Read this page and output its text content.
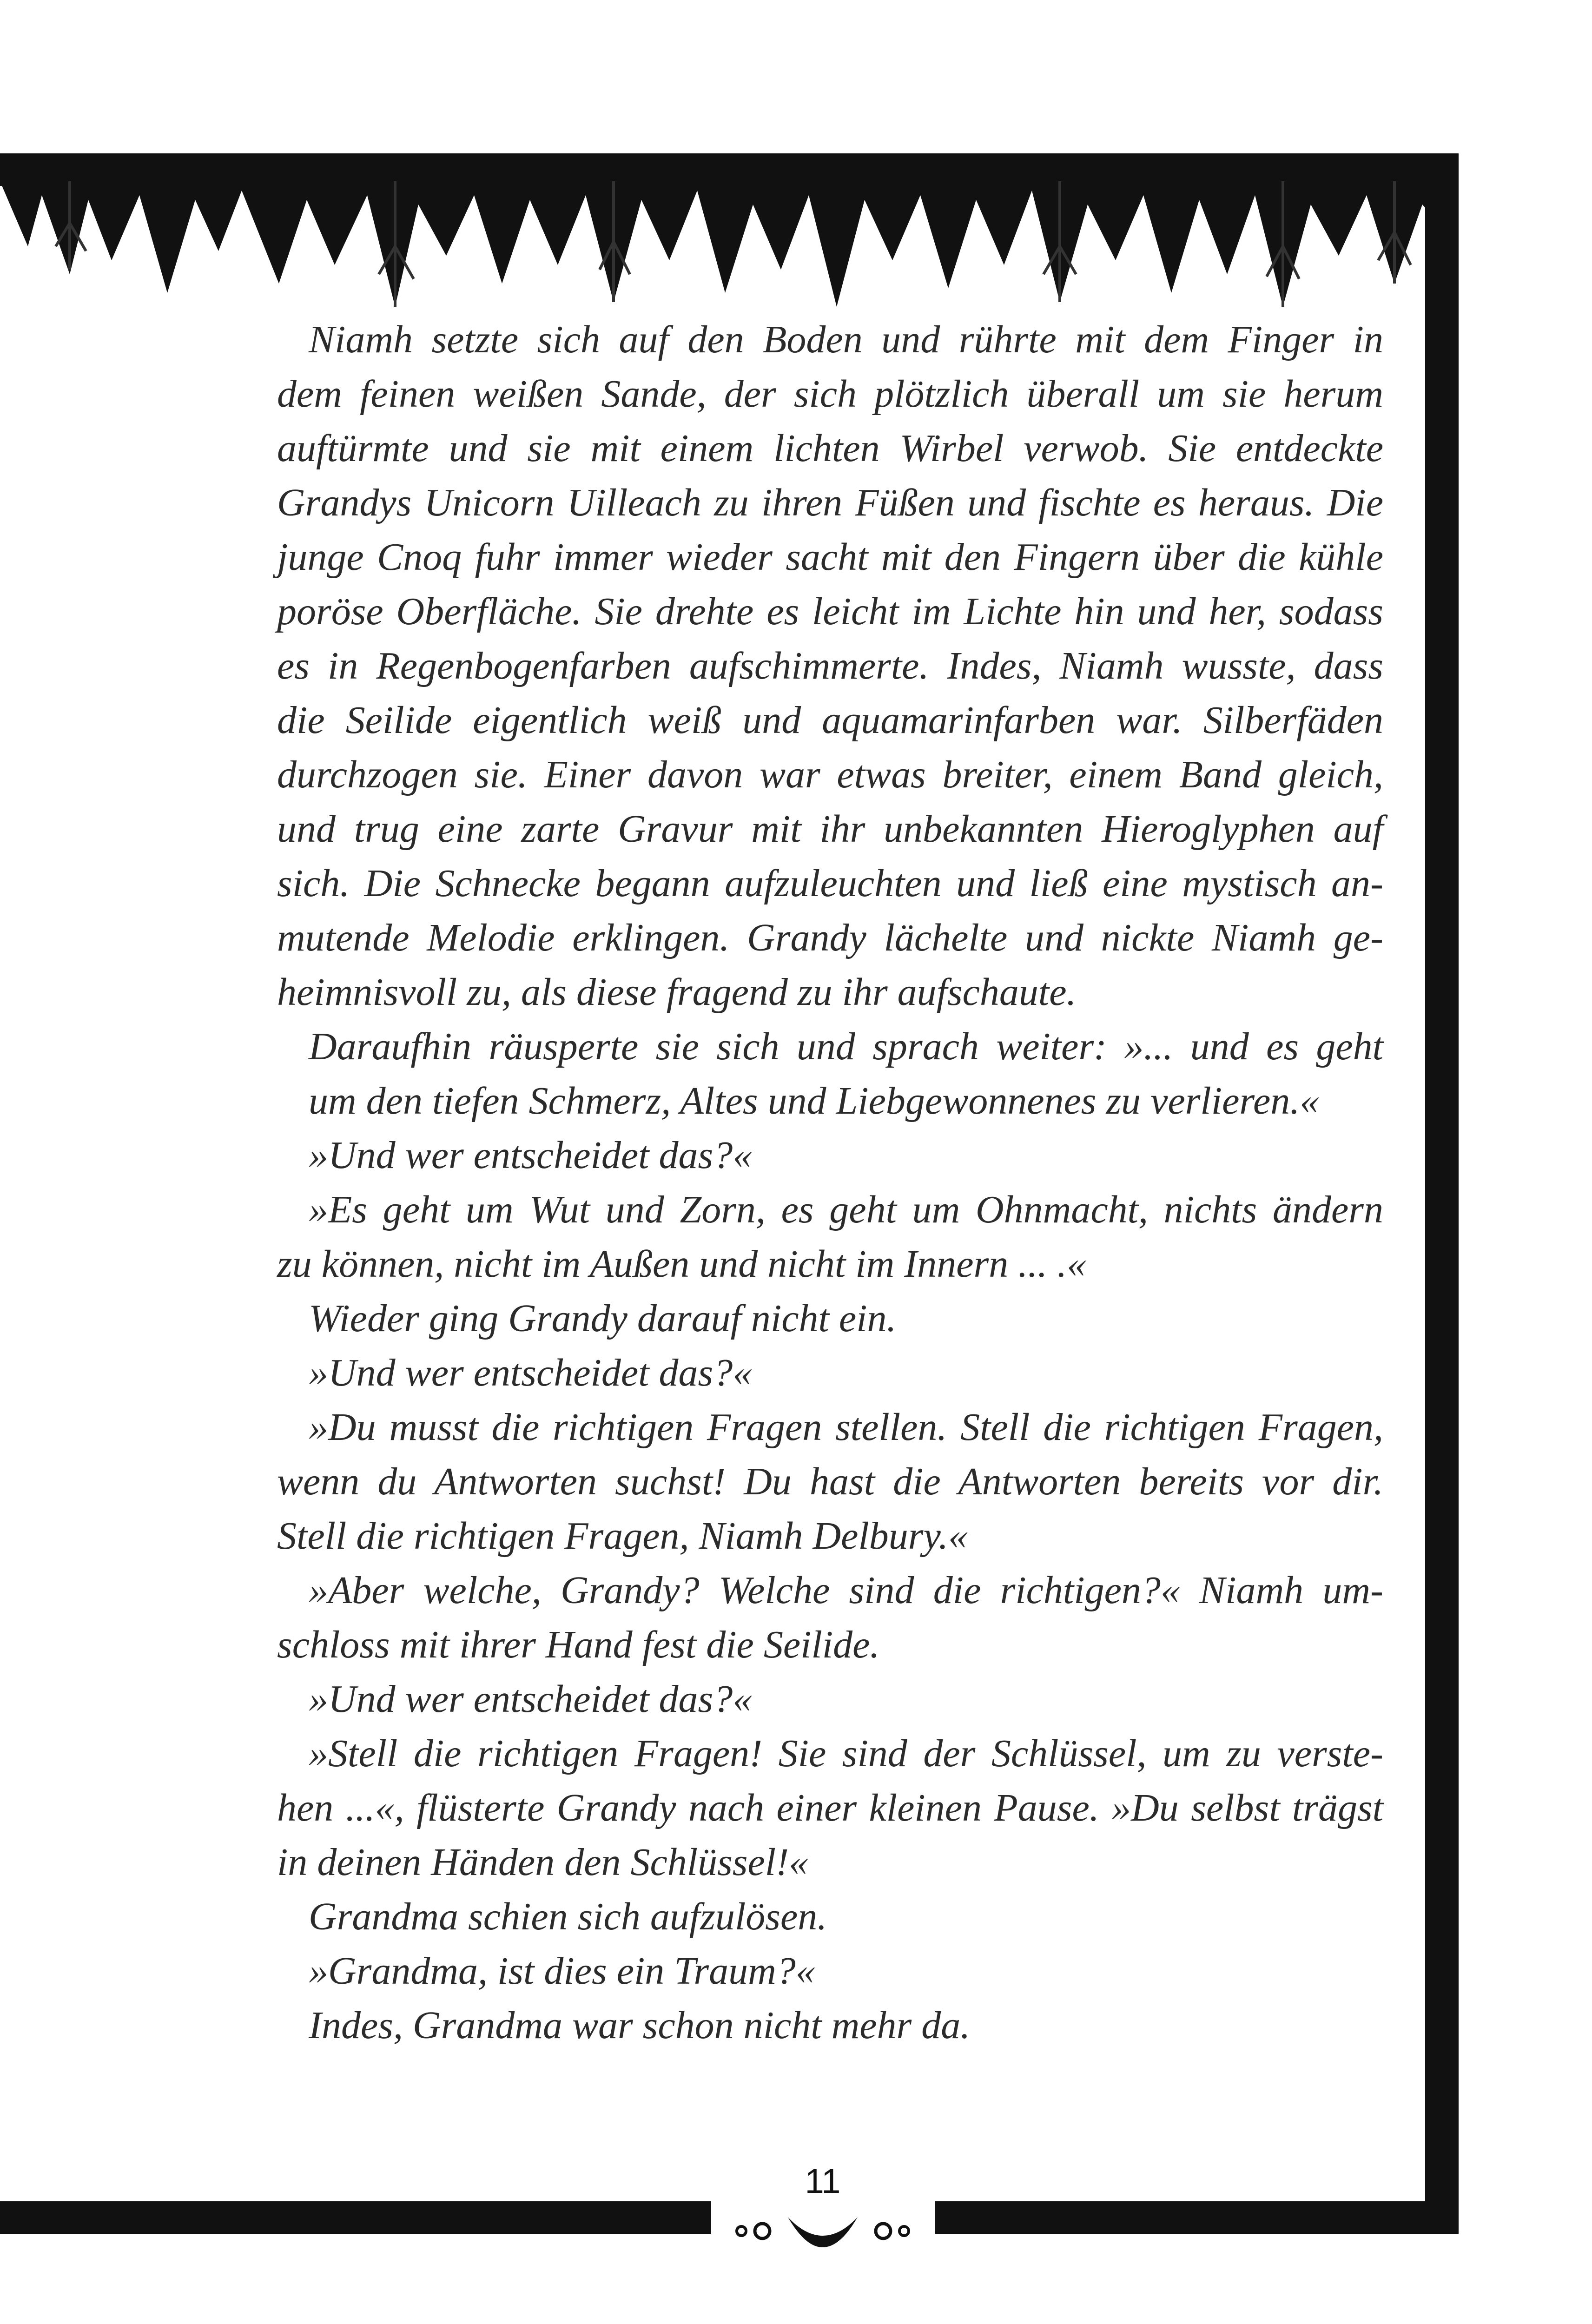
Niamh setzte sich auf den Boden und rührte mit dem Finger in
dem feinen weißen Sande, der sich plötzlich überall um sie herum
auftürmte und sie mit einem lichten Wirbel verwob. Sie entdeckte
Grandys Unicorn Uilleach zu ihren Füßen und fischte es heraus. Die
junge Cnoq fuhr immer wieder sacht mit den Fingern über die kühle
poröse Oberfläche. Sie drehte es leicht im Lichte hin und her, sodass
es in Regenbogenfarben aufschimmerte. Indes, Niamh wusste, dass
die Seilide eigentlich weiß und aquamarinfarben war. Silberfäden
durchzogen sie. Einer davon war etwas breiter, einem Band gleich,
und trug eine zarte Gravur mit ihr unbekannten Hieroglyphen auf
sich. Die Schnecke begann aufzuleuchten und ließ eine mystisch an-
mutende Melodie erklingen. Grandy lächelte und nickte Niamh ge-
heimnisvoll zu, als diese fragend zu ihr aufschaute.
Daraufhin räusperte sie sich und sprach weiter: »... und es geht
um den tiefen Schmerz, Altes und Liebgewonnenes zu verlieren.«
»Und wer entscheidet das?«
»Es geht um Wut und Zorn, es geht um Ohnmacht, nichts ändern
zu können, nicht im Außen und nicht im Innern ... .«
Wieder ging Grandy darauf nicht ein.
»Und wer entscheidet das?«
»Du musst die richtigen Fragen stellen. Stell die richtigen Fragen,
wenn du Antworten suchst! Du hast die Antworten bereits vor dir.
Stell die richtigen Fragen, Niamh Delbury.«
»Aber welche, Grandy? Welche sind die richtigen?« Niamh um-
schloss mit ihrer Hand fest die Seilide.
»Und wer entscheidet das?«
»Stell die richtigen Fragen! Sie sind der Schlüssel, um zu verste-
hen ...«, flüsterte Grandy nach einer kleinen Pause. »Du selbst trägst
in deinen Händen den Schlüssel!«
Grandma schien sich aufzulösen.
»Grandma, ist dies ein Traum?«
Indes, Grandma war schon nicht mehr da.
11
